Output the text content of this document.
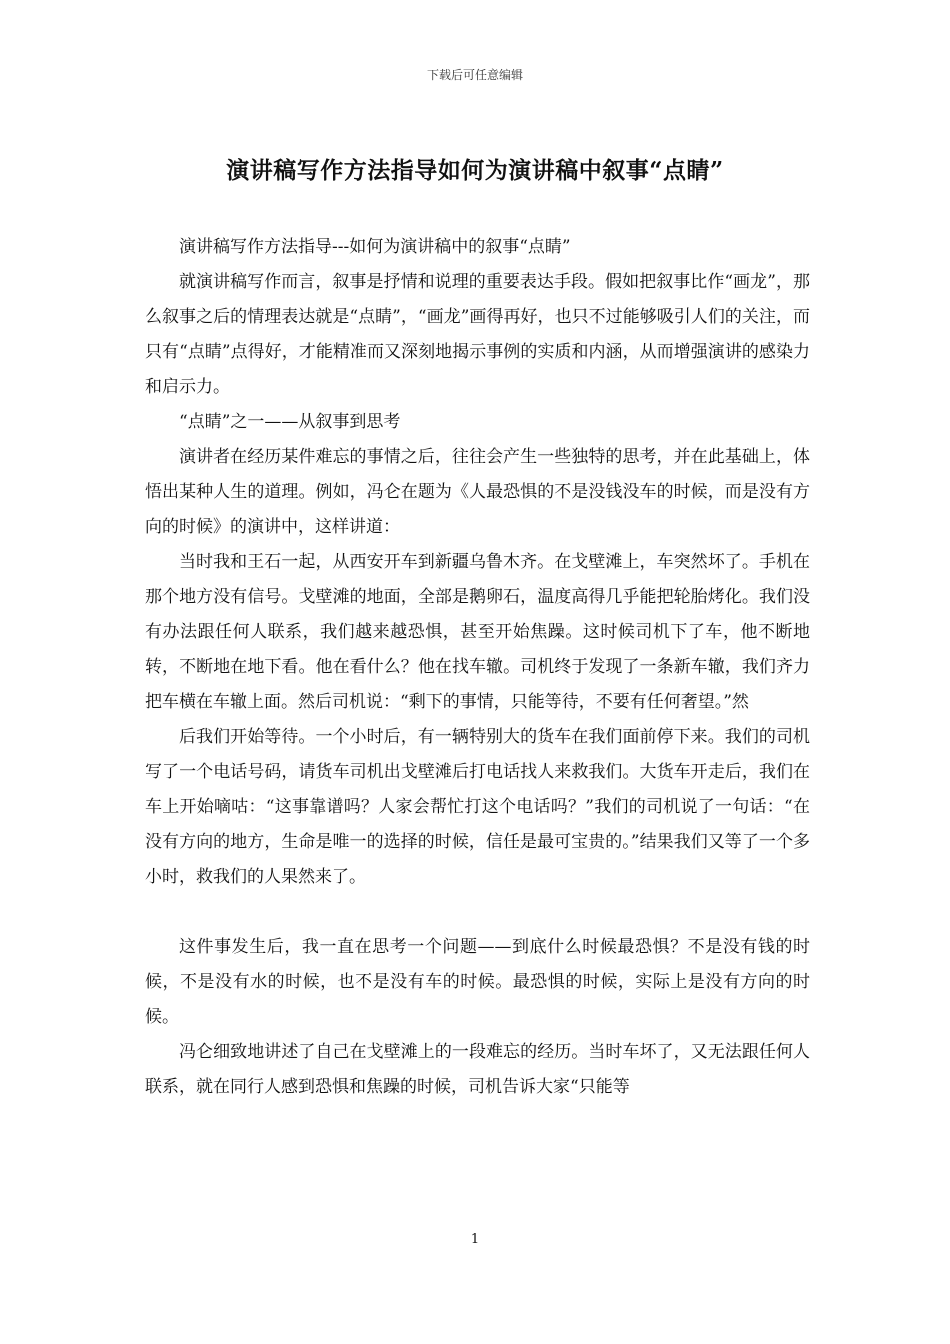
下载后可任意编辑
演讲稿写作方法指导如何为演讲稿中叙事“点睛”

演讲稿写作方法指导---如何为演讲稿中的叙事“点睛”

就演讲稿写作而言，叙事是抒情和说理的重要表达手段。假如把叙事比作“画龙”，那么叙事之后的情理表达就是“点睛”，“画龙”画得再好，也只不过能够吸引人们的关注，而只有“点睛”点得好，才能精准而又深刻地揭示事例的实质和内涵，从而增强演讲的感染力和启示力。

“点睛”之一——从叙事到思考

演讲者在经历某件难忘的事情之后，往往会产生一些独特的思考，并在此基础上，体悟出某种人生的道理。例如，冯仑在题为《人最恐惧的不是没钱没车的时候，而是没有方向的时候》的演讲中，这样讲道：

当时我和王石一起，从西安开车到新疆乌鲁木齐。在戈壁滩上，车突然坏了。手机在那个地方没有信号。戈壁滩的地面，全部是鹅卵石，温度高得几乎能把轮胎烤化。我们没有办法跟任何人联系，我们越来越恐惧，甚至开始焦躁。这时候司机下了车，他不断地转，不断地在地下看。他在看什么？他在找车辙。司机终于发现了一条新车辙，我们齐力把车横在车辙上面。然后司机说：“剩下的事情，只能等待，不要有任何奢望。”然

后我们开始等待。一个小时后，有一辆特别大的货车在我们面前停下来。我们的司机写了一个电话号码，请货车司机出戈壁滩后打电话找人来救我们。大货车开走后，我们在车上开始嘀咕：“这事靠谱吗？人家会帮忙打这个电话吗？”我们的司机说了一句话：“在没有方向的地方，生命是唯一的选择的时候，信任是最可宝贵的。”结果我们又等了一个多小时，救我们的人果然来了。

这件事发生后，我一直在思考一个问题——到底什么时候最恐惧？不是没有钱的时候，不是没有水的时候，也不是没有车的时候。最恐惧的时候，实际上是没有方向的时候。

冯仑细致地讲述了自己在戈壁滩上的一段难忘的经历。当时车坏了，又无法跟任何人联系，就在同行人感到恐惧和焦躁的时候，司机告诉大家“只能等

1
